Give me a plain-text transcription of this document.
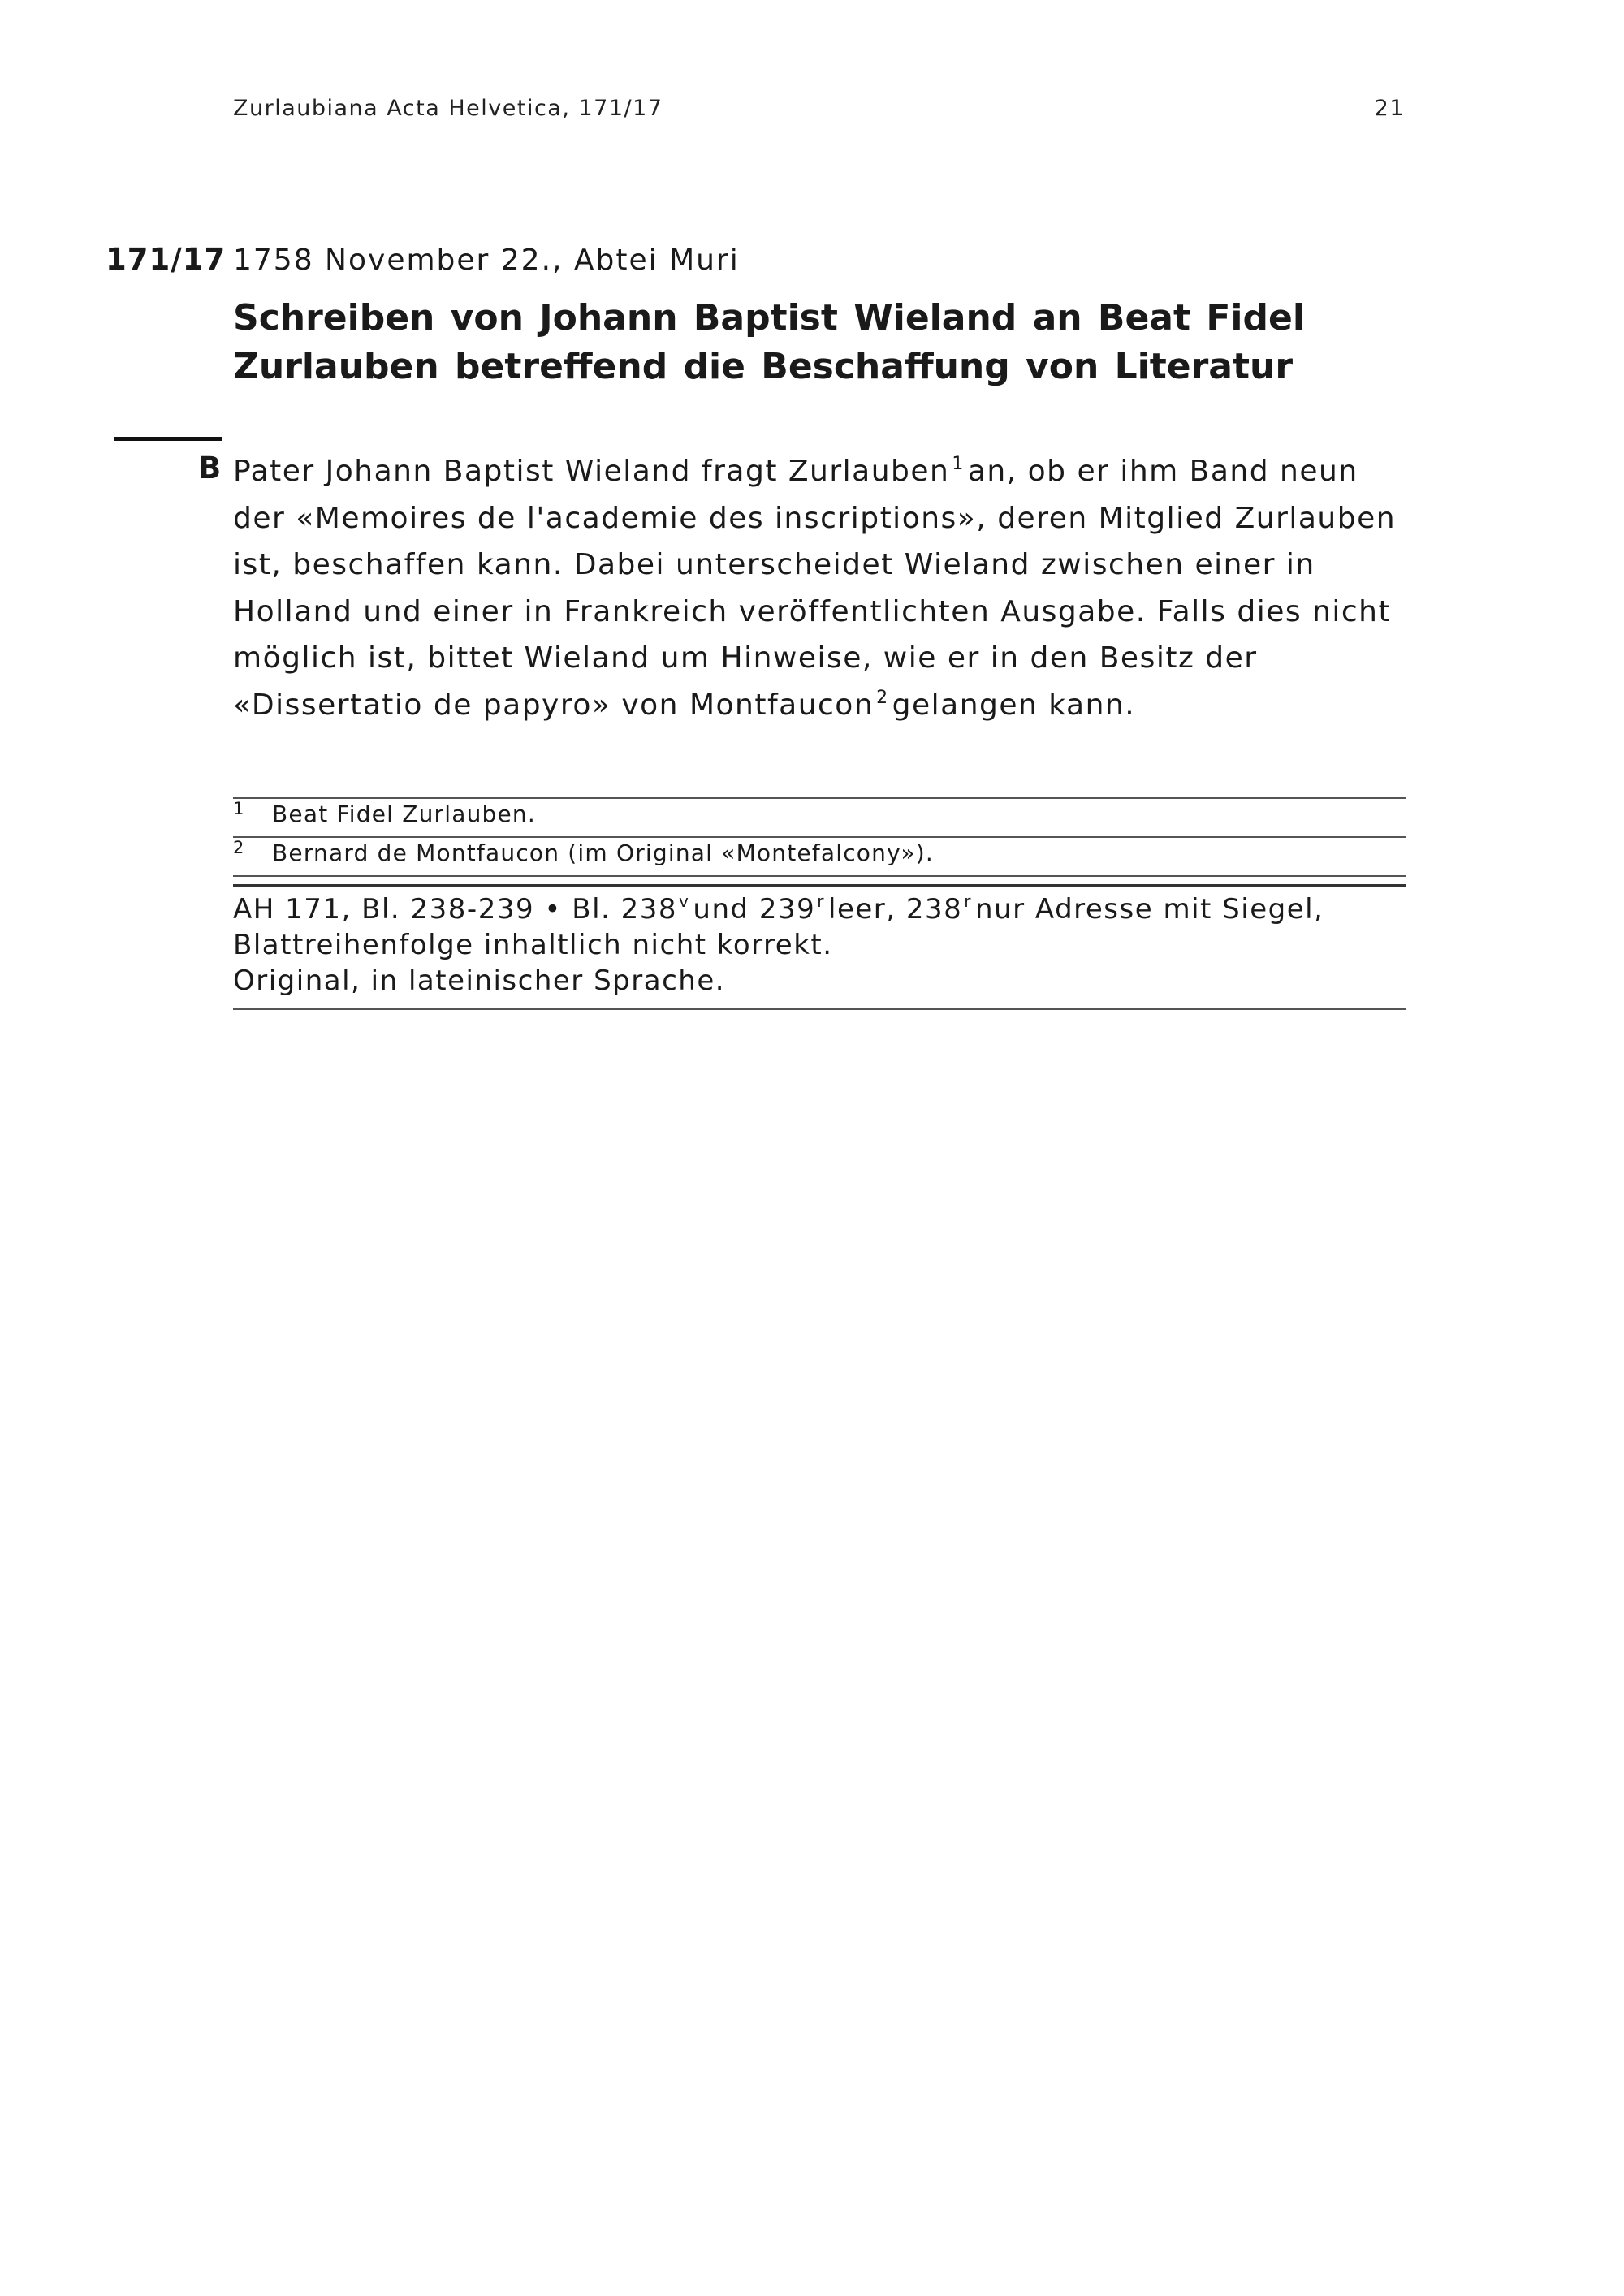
Zurlaubiana Acta Helvetica, 171/17	21
171/17 1758 November 22., Abtei Muri
Schreiben von Johann Baptist Wieland an Beat Fidel Zurlauben betreffend die Beschaffung von Literatur
B Pater Johann Baptist Wieland fragt Zurlauben $^1$ an, ob er ihm Band neun der «Memoires de l'academie des inscriptions», deren Mitglied Zurlauben ist, beschaffen kann. Dabei unterscheidet Wieland zwischen einer in Holland und einer in Frankreich veröffentlichten Ausgabe. Falls dies nicht möglich ist, bittet Wieland um Hinweise, wie er in den Besitz der «Dissertatio de papyro» von Montfaucon $^2$ gelangen kann.
1 Beat Fidel Zurlauben.
2 Bernard de Montfaucon (im Original «Montefalcony»).
AH 171, Bl. 238-239 • Bl. 238 $^v$ und 239 $^r$ leer, 238 $^r$ nur Adresse mit Siegel,
Blattreihenfolge inhaltlich nicht korrekt.
Original, in lateinischer Sprache.
